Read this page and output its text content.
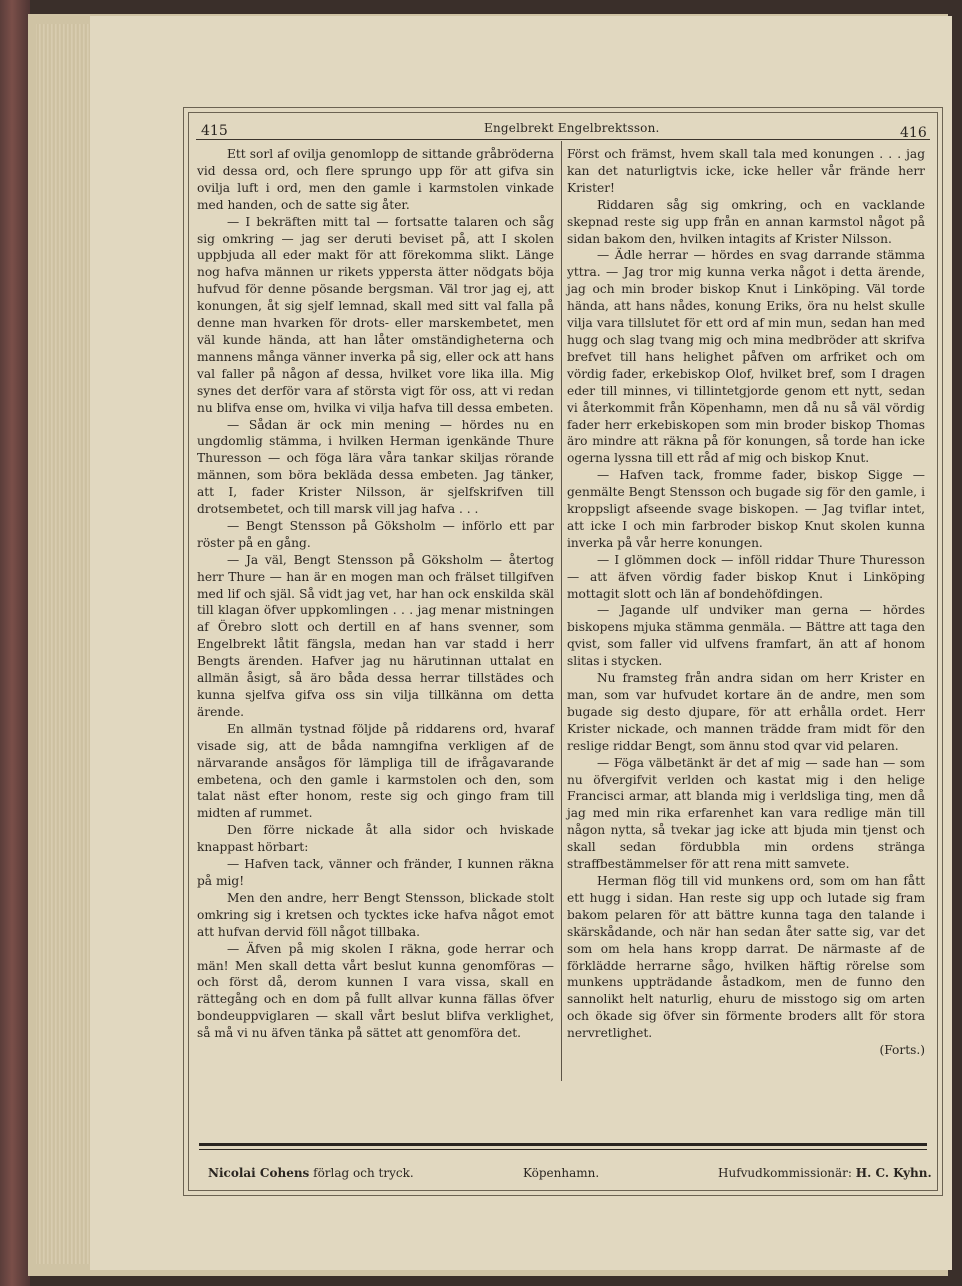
415	Engelbrekt Engelbrektsson.	416

Ett sorl af ovilja genomlopp de sittande gråbröderna vid dessa ord, och flere sprungo upp för att gifva sin ovilja luft i ord, men den gamle i karmstolen vinkade med handen, och de satte sig åter.

— I bekräften mitt tal — fortsatte talaren och såg sig omkring — jag ser deruti beviset på, att I skolen uppbjuda all eder makt för att förekomma slikt. Länge nog hafva männen ur rikets yppersta ätter nödgats böja hufvud för denne pösande bergsman. Väl tror jag ej, att konungen, åt sig sjelf lemnad, skall med sitt val falla på denne man hvarken för drots- eller marskembetet, men väl kunde hända, att han låter omständigheterna och mannens många vänner inverka på sig, eller ock att hans val faller på någon af dessa, hvilket vore lika illa. Mig synes det derför vara af största vigt för oss, att vi redan nu blifva ense om, hvilka vi vilja hafva till dessa embeten.

— Sådan är ock min mening — hördes nu en ungdomlig stämma, i hvilken Herman igenkände Thure Thuresson — och föga lära våra tankar skiljas rörande männen, som böra bekläda dessa embeten. Jag tänker, att I, fader Krister Nilsson, är sjelfskrifven till drotsembetet, och till marsk vill jag hafva . . .

— Bengt Stensson på Göksholm — införlo ett par röster på en gång.

— Ja väl, Bengt Stensson på Göksholm — återtog herr Thure — han är en mogen man och frälset tillgifven med lif och själ. Så vidt jag vet, har han ock enskilda skäl till klagan öfver uppkomlingen . . . jag menar mistningen af Örebro slott och dertill en af hans svenner, som Engelbrekt låtit fängsla, medan han var stadd i herr Bengts ärenden. Hafver jag nu härutinnan uttalat en allmän åsigt, så äro båda dessa herrar tillstädes och kunna sjelfva gifva oss sin vilja tillkänna om detta ärende.

En allmän tystnad följde på riddarens ord, hvaraf visade sig, att de båda namngifna verkligen af de närvarande ansågos för lämpliga till de ifrågavarande embetena, och den gamle i karmstolen och den, som talat näst efter honom, reste sig och gingo fram till midten af rummet.

Den förre nickade åt alla sidor och hviskade knappast hörbart:

— Hafven tack, vänner och fränder, I kunnen räkna på mig!

Men den andre, herr Bengt Stensson, blickade stolt omkring sig i kretsen och tycktes icke hafva något emot att hufvan dervid föll något tillbaka.

— Äfven på mig skolen I räkna, gode herrar och män! Men skall detta vårt beslut kunna genomföras — och först då, derom kunnen I vara vissa, skall en rättegång och en dom på fullt allvar kunna fällas öfver bondeuppviglaren — skall vårt beslut blifva verklighet, så må vi nu äfven tänka på sättet att genomföra det.

Först och främst, hvem skall tala med konungen . . . jag kan det naturligtvis icke, icke heller vår frände herr Krister!

Riddaren såg sig omkring, och en vacklande skepnad reste sig upp från en annan karmstol något på sidan bakom den, hvilken intagits af Krister Nilsson.

— Ädle herrar — hördes en svag darrande stämma yttra. — Jag tror mig kunna verka något i detta ärende, jag och min broder biskop Knut i Linköping. Väl torde hända, att hans nådes, konung Eriks, öra nu helst skulle vilja vara tillslutet för ett ord af min mun, sedan han med hugg och slag tvang mig och mina medbröder att skrifva brefvet till hans helighet påfven om arfriket och om vördig fader, erkebiskop Olof, hvilket bref, som I dragen eder till minnes, vi tillintetgjorde genom ett nytt, sedan vi återkommit från Köpenhamn, men då nu så väl vördig fader herr erkebiskopen som min broder biskop Thomas äro mindre att räkna på för konungen, så torde han icke ogerna lyssna till ett råd af mig och biskop Knut.

— Hafven tack, fromme fader, biskop Sigge — genmälte Bengt Stensson och bugade sig för den gamle, i kroppsligt afseende svage biskopen. — Jag tviflar intet, att icke I och min farbroder biskop Knut skolen kunna inverka på vår herre konungen.

— I glömmen dock — inföll riddar Thure Thuresson — att äfven vördig fader biskop Knut i Linköping mottagit slott och län af bondehöfdingen.

— Jagande ulf undviker man gerna — hördes biskopens mjuka stämma genmäla. — Bättre att taga den qvist, som faller vid ulfvens framfart, än att af honom slitas i stycken.

Nu framsteg från andra sidan om herr Krister en man, som var hufvudet kortare än de andre, men som bugade sig desto djupare, för att erhålla ordet. Herr Krister nickade, och mannen trädde fram midt för den reslige riddar Bengt, som ännu stod qvar vid pelaren.

— Föga välbetänkt är det af mig — sade han — som nu öfvergifvit verlden och kastat mig i den helige Francisci armar, att blanda mig i verldsliga ting, men då jag med min rika erfarenhet kan vara redlige män till någon nytta, så tvekar jag icke att bjuda min tjenst och skall sedan fördubbla min ordens stränga straffbestämmelser för att rena mitt samvete.

Herman flög till vid munkens ord, som om han fått ett hugg i sidan. Han reste sig upp och lutade sig fram bakom pelaren för att bättre kunna taga den talande i skärskådande, och när han sedan åter satte sig, var det som om hela hans kropp darrat. De närmaste af de förklädde herrarne sågo, hvilken häftig rörelse som munkens uppträdande åstadkom, men de funno den sannolikt helt naturlig, ehuru de misstogo sig om arten och ökade sig öfver sin förmente broders allt för stora nervretlighet.

(Forts.)

Nicolai Cohens förlag och tryck.	Köpenhamn.	Hufvudkommissionär: H. C. Kyhn.
